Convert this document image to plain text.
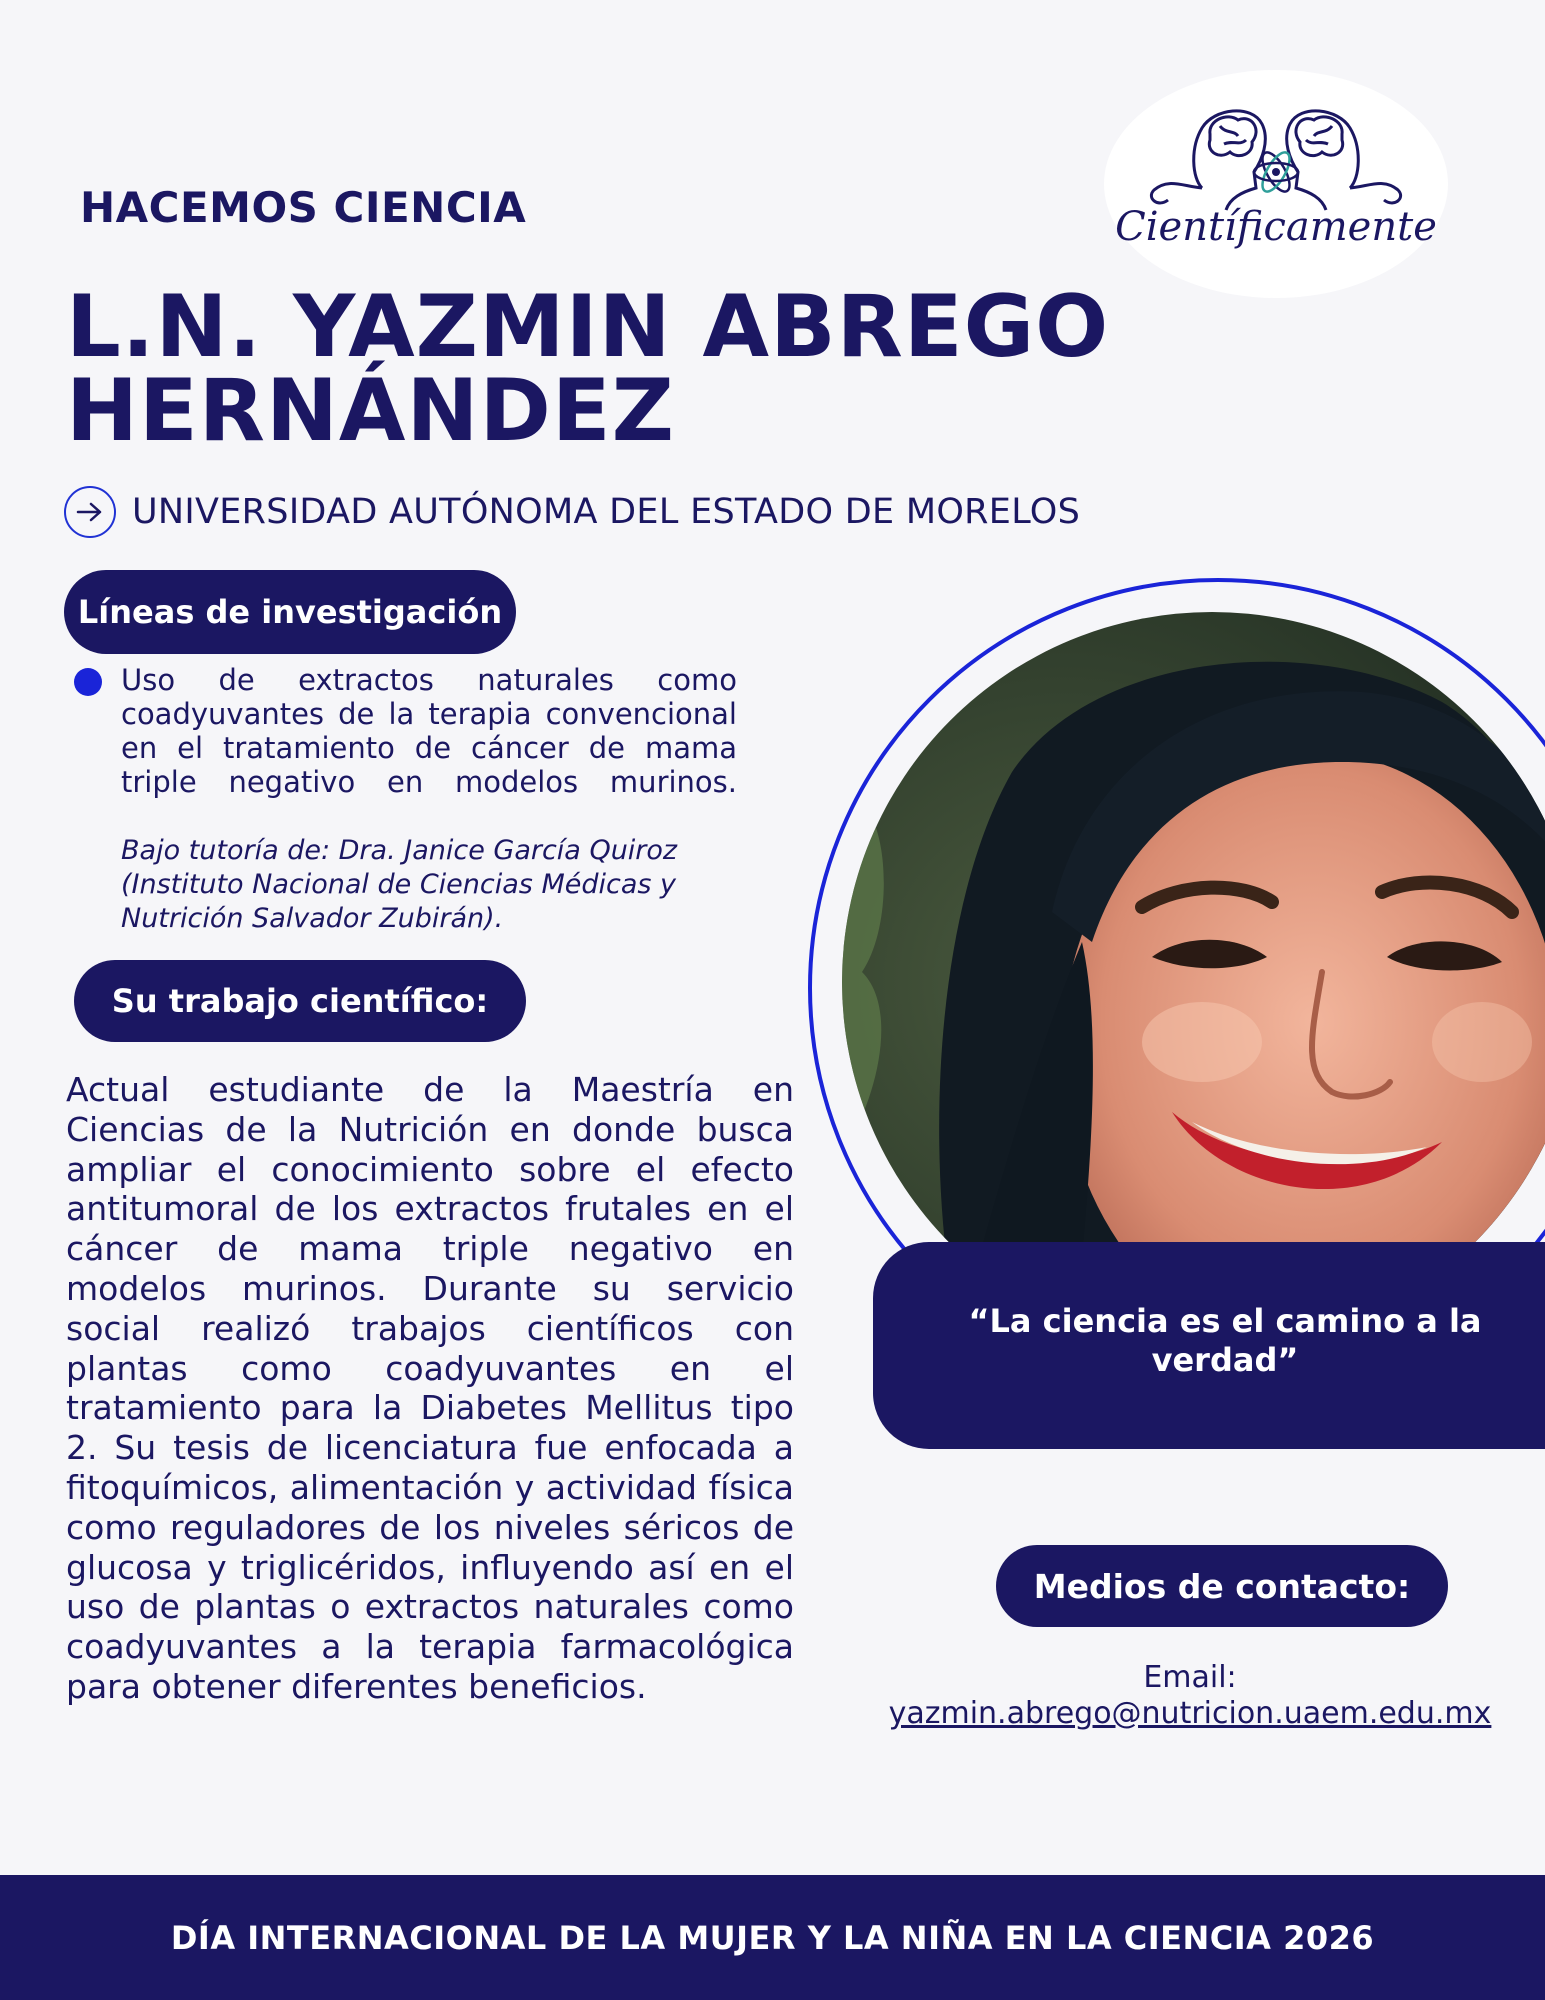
Científicamente
HACEMOS CIENCIA
L.N. YAZMIN ABREGO
HERNÁNDEZ
UNIVERSIDAD AUTÓNOMA DEL ESTADO DE MORELOS
Líneas de investigación
Uso de extractos naturales como coadyuvantes de la terapia convencional en el tratamiento de cáncer de mama triple negativo en modelos murinos.
Bajo tutoría de: Dra. Janice García Quiroz (Instituto Nacional de Ciencias Médicas y Nutrición Salvador Zubirán).
Su trabajo científico:
Actual estudiante de la Maestría en Ciencias de la Nutrición en donde busca ampliar el conocimiento sobre el efecto antitumoral de los extractos frutales en el cáncer de mama triple negativo en modelos murinos. Durante su servicio social realizó trabajos científicos con plantas como coadyuvantes en el tratamiento para la Diabetes Mellitus tipo 2. Su tesis de licenciatura fue enfocada a fitoquímicos, alimentación y actividad física como reguladores de los niveles séricos de glucosa y triglicéridos, influyendo así en el uso de plantas o extractos naturales como coadyuvantes a la terapia farmacológica para obtener diferentes beneficios.
“La ciencia es el camino a la verdad”
Medios de contacto:
Email:
yazmin.abrego@nutricion.uaem.edu.mx
DÍA INTERNACIONAL DE LA MUJER Y LA NIÑA EN LA CIENCIA 2026
